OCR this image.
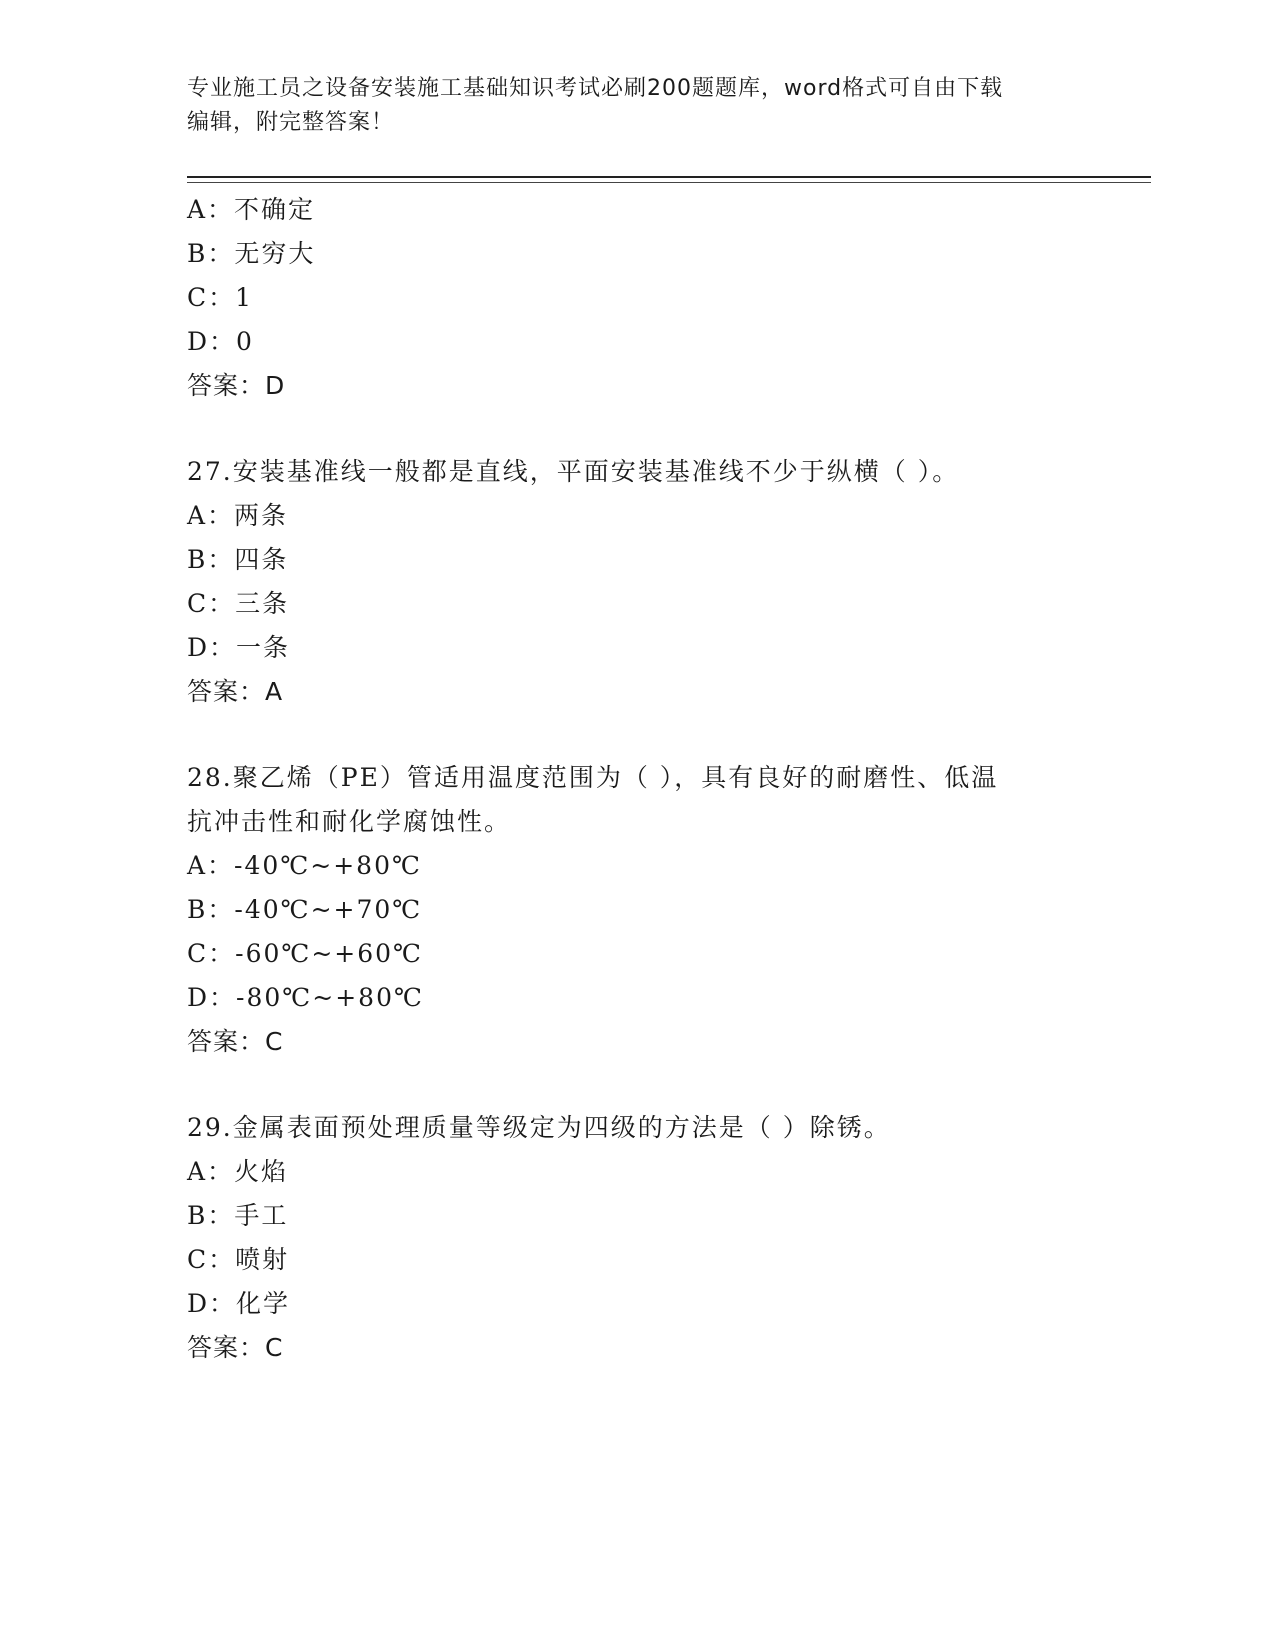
专业施工员之设备安装施工基础知识考试必刷200题题库，word格式可自由下载
编辑，附完整答案！
A：不确定
B：无穷大
C：1
D：0
答案：D
27.安装基准线一般都是直线，平面安装基准线不少于纵横（ ）。
A：两条
B：四条
C：三条
D：一条
答案：A
28.聚乙烯（PE）管适用温度范围为（ ），具有良好的耐磨性、低温
抗冲击性和耐化学腐蚀性。
A：-40℃~+80℃
B：-40℃~+70℃
C：-60℃~+60℃
D：-80℃~+80℃
答案：C
29.金属表面预处理质量等级定为四级的方法是（ ）除锈。
A：火焰
B：手工
C：喷射
D：化学
答案：C
